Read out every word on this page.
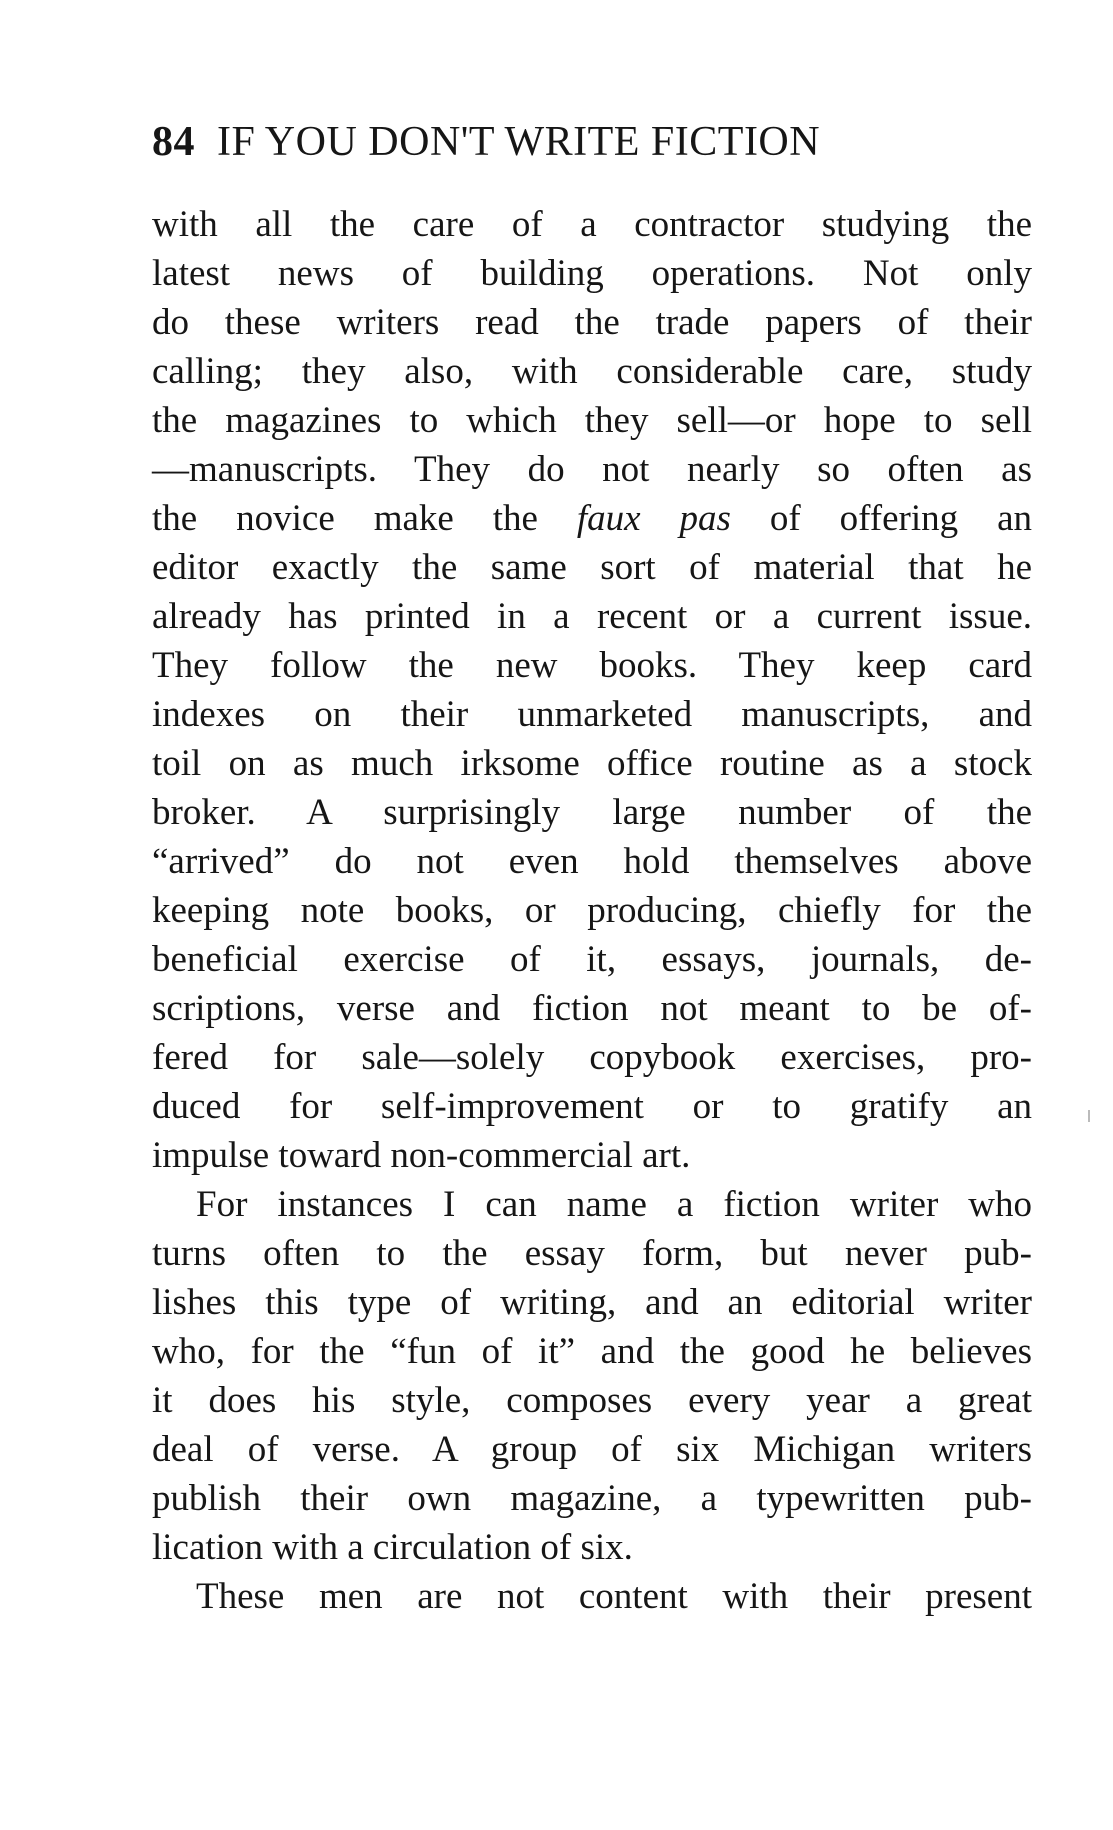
84 IF YOU DON'T WRITE FICTION
with all the care of a contractor studying the
latest news of building operations. Not only
do these writers read the trade papers of their
calling; they also, with considerable care, study
the magazines to which they sell—or hope to sell
—manuscripts. They do not nearly so often as
the novice make the faux pas of offering an
editor exactly the same sort of material that he
already has printed in a recent or a current issue.
They follow the new books. They keep card
indexes on their unmarketed manuscripts, and
toil on as much irksome office routine as a stock
broker. A surprisingly large number of the
“arrived” do not even hold themselves above
keeping note books, or producing, chiefly for the
beneficial exercise of it, essays, journals, de-
scriptions, verse and fiction not meant to be of-
fered for sale—solely copybook exercises, pro-
duced for self-improvement or to gratify an
impulse toward non-commercial art.
For instances I can name a fiction writer who
turns often to the essay form, but never pub-
lishes this type of writing, and an editorial writer
who, for the “fun of it” and the good he believes
it does his style, composes every year a great
deal of verse. A group of six Michigan writers
publish their own magazine, a typewritten pub-
lication with a circulation of six.
These men are not content with their present
